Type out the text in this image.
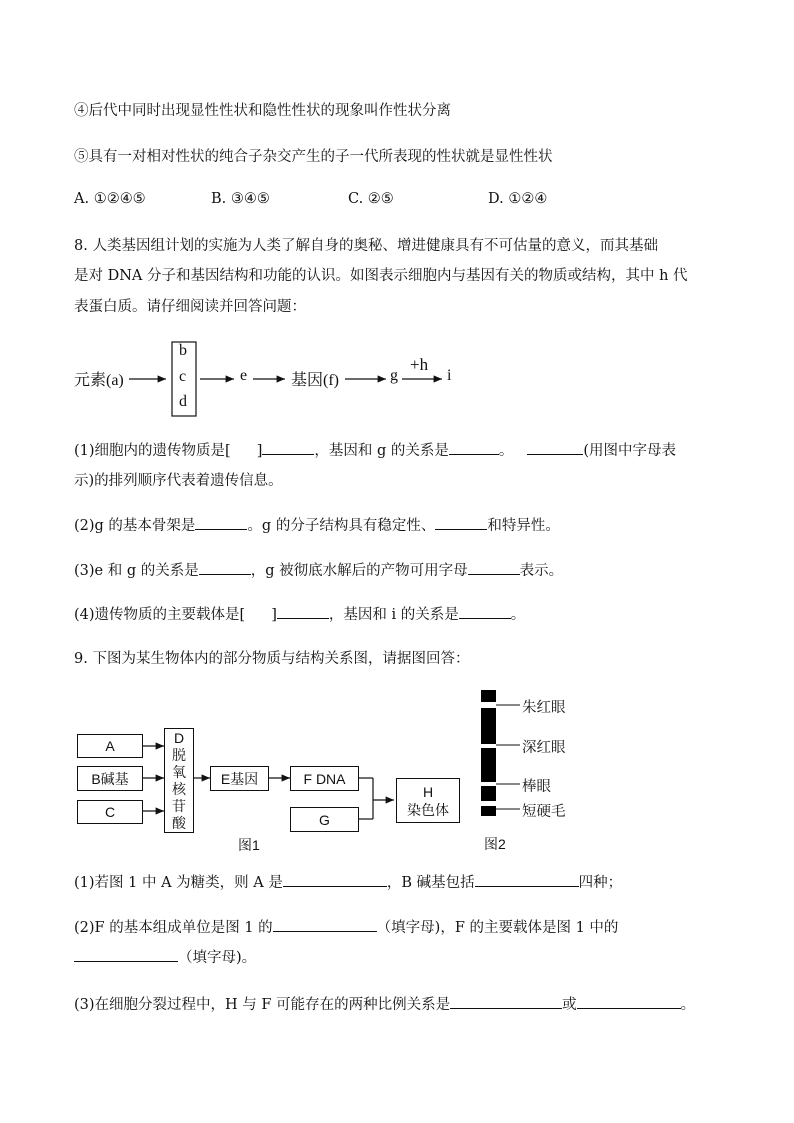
④后代中同时出现显性性状和隐性性状的现象叫作性状分离
⑤具有一对相对性状的纯合子杂交产生的子一代所表现的性状就是显性性状
A. ①②④⑤	B. ③④⑤	C. ②⑤	D. ①②④
8. 人类基因组计划的实施为人类了解自身的奥秘、增进健康具有不可估量的意义，而其基础
是对 DNA 分子和基因结构和功能的认识。如图表示细胞内与基因有关的物质或结构，其中 h 代
表蛋白质。请仔细阅读并回答问题：
元素(a)
b
c
d
e	基因(f)	g
+h
i
(1)细胞内的遗传物质是[ ]	，基因和 g 的关系是	。	(用图中字母表
示)的排列顺序代表着遗传信息。
(2)g 的基本骨架是	。g 的分子结构具有稳定性、	和特异性。
(3)e 和 g 的关系是	，g 被彻底水解后的产物可用字母	表示。
(4)遗传物质的主要载体是[ ]	，基因和 i 的关系是	。
9. 下图为某生物体内的部分物质与结构关系图，请据图回答：
A
B碱基
C
D
脱
氧
核
苷
酸
E基因	F DNA
G
H
染色体
图1
朱红眼
深红眼
棒眼
短硬毛
图2
(1)若图 1 中 A 为糖类，则 A 是	，B 碱基包括	四种；
(2)F 的基本组成单位是图 1 的	（填字母)，F 的主要载体是图 1 中的
（填字母)。
(3)在细胞分裂过程中，H 与 F 可能存在的两种比例关系是	或	。
